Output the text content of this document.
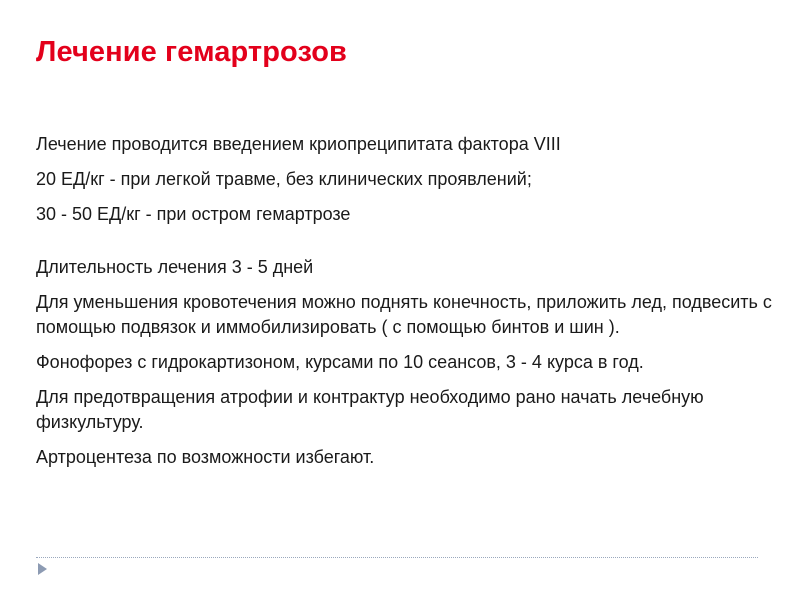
Лечение гемартрозов

Лечение проводится введением криопреципитата фактора VIII

20 ЕД/кг - при легкой травме, без клинических проявлений;

30 - 50 ЕД/кг - при остром гемартрозе

Длительность лечения 3 - 5 дней

Для уменьшения кровотечения можно поднять конечность, приложить лед, подвесить с помощью подвязок и иммобилизировать ( с помощью бинтов и шин ).

Фонофорез с гидрокартизоном, курсами по 10 сеансов, 3 - 4 курса в год.

Для предотвращения атрофии и контрактур необходимо рано начать лечебную физкультуру.

Артроцентеза по возможности избегают.
